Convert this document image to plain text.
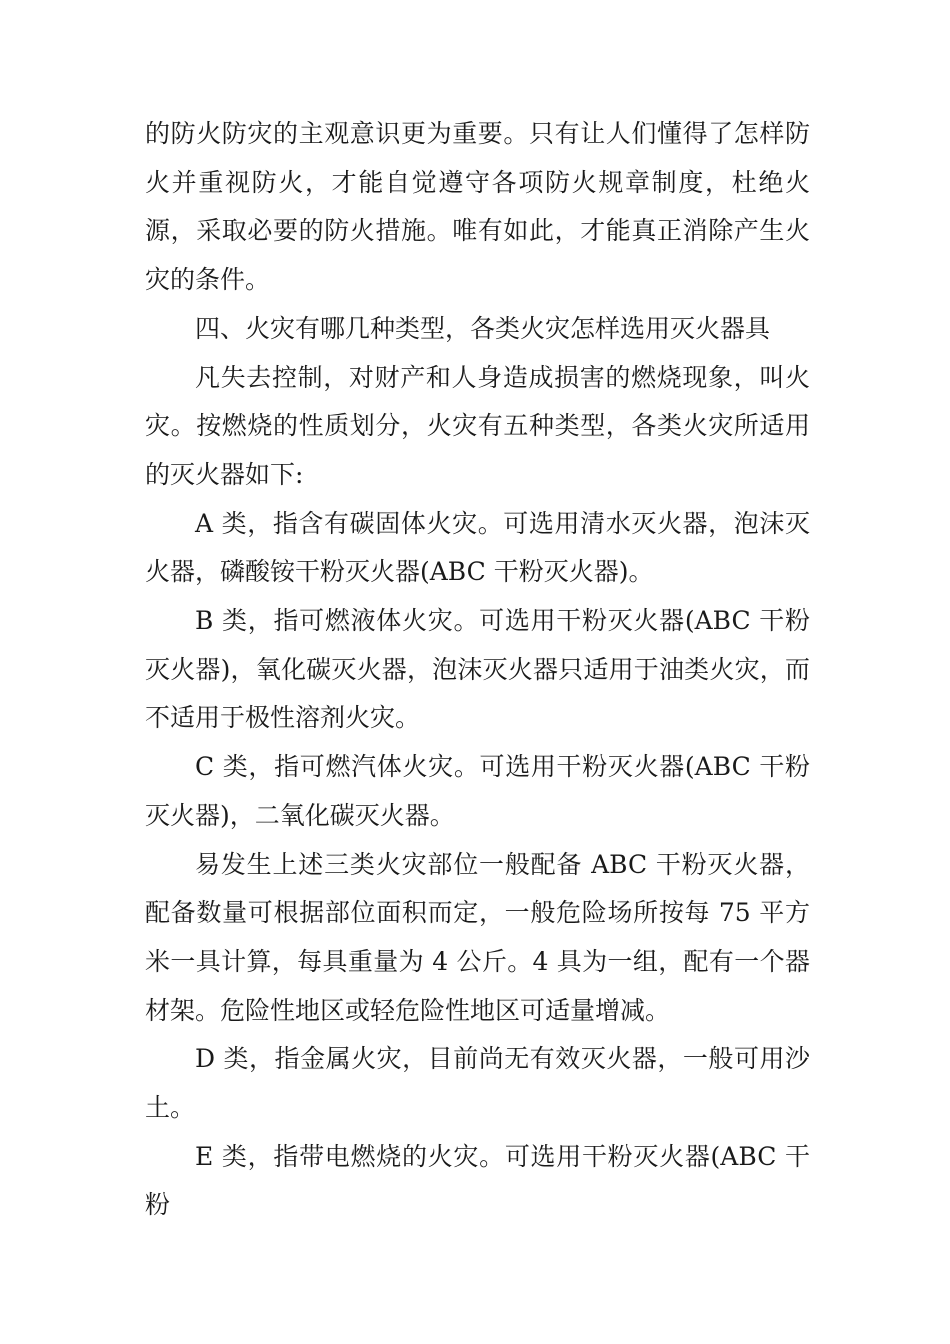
的防火防灾的主观意识更为重要。只有让人们懂得了怎样防火并重视防火，才能自觉遵守各项防火规章制度，杜绝火源，采取必要的防火措施。唯有如此，才能真正消除产生火灾的条件。

四、火灾有哪几种类型，各类火灾怎样选用灭火器具

凡失去控制，对财产和人身造成损害的燃烧现象，叫火灾。按燃烧的性质划分，火灾有五种类型，各类火灾所适用的灭火器如下:

A 类，指含有碳固体火灾。可选用清水灭火器，泡沫灭火器，磷酸铵干粉灭火器(ABC 干粉灭火器)。

B 类，指可燃液体火灾。可选用干粉灭火器(ABC 干粉灭火器)，氧化碳灭火器，泡沫灭火器只适用于油类火灾，而不适用于极性溶剂火灾。

C 类，指可燃汽体火灾。可选用干粉灭火器(ABC 干粉灭火器)，二氧化碳灭火器。

易发生上述三类火灾部位一般配备 ABC 干粉灭火器，配备数量可根据部位面积而定，一般危险场所按每 75 平方米一具计算，每具重量为 4 公斤。4 具为一组，配有一个器材架。危险性地区或轻危险性地区可适量增减。

D 类，指金属火灾，目前尚无有效灭火器，一般可用沙土。

E 类，指带电燃烧的火灾。可选用干粉灭火器(ABC 干粉
